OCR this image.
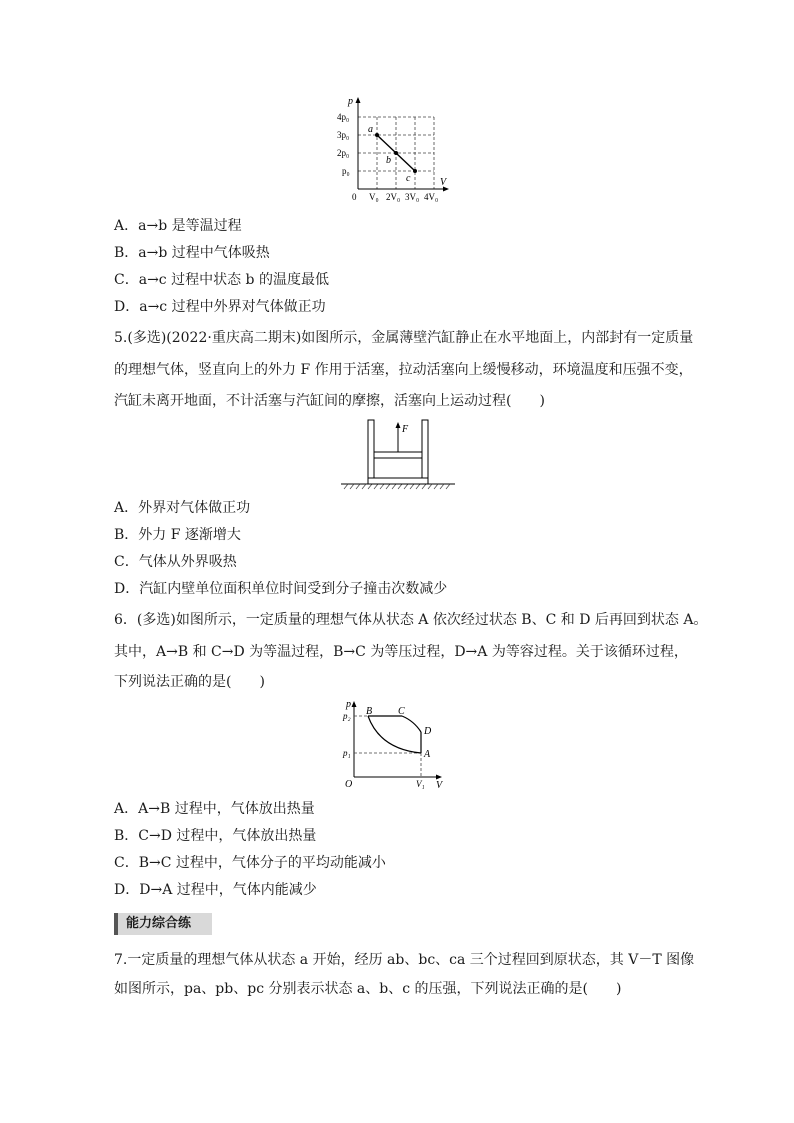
p
V
0
4p₀
3p₀
2p₀
p₀
V₀ 2V₀ 3V₀ 4V₀
a
b
c
A．a→b 是等温过程
B．a→b 过程中气体吸热
C．a→c 过程中状态 b 的温度最低
D．a→c 过程中外界对气体做正功
5.(多选)(2022·重庆高二期末)如图所示，金属薄壁汽缸静止在水平地面上，内部封有一定质量
的理想气体，竖直向上的外力 F 作用于活塞，拉动活塞向上缓慢移动，环境温度和压强不变，
汽缸未离开地面，不计活塞与汽缸间的摩擦，活塞向上运动过程(　　)
F
A．外界对气体做正功
B．外力 F 逐渐增大
C．气体从外界吸热
D．汽缸内壁单位面积单位时间受到分子撞击次数减少
6．(多选)如图所示，一定质量的理想气体从状态 A 依次经过状态 B、C 和 D 后再回到状态 A。
其中，A→B 和 C→D 为等温过程，B→C 为等压过程，D→A 为等容过程。关于该循环过程，
下列说法正确的是(　　)
p
V
O
p₂
p₁
V₁
A
B	C
D
A．A→B 过程中，气体放出热量
B．C→D 过程中，气体放出热量
C．B→C 过程中，气体分子的平均动能减小
D．D→A 过程中，气体内能减少
能力综合练
7.一定质量的理想气体从状态 a 开始，经历 ab、bc、ca 三个过程回到原状态，其 V－T 图像
如图所示，pa、pb、pc 分别表示状态 a、b、c 的压强，下列说法正确的是(　　)
